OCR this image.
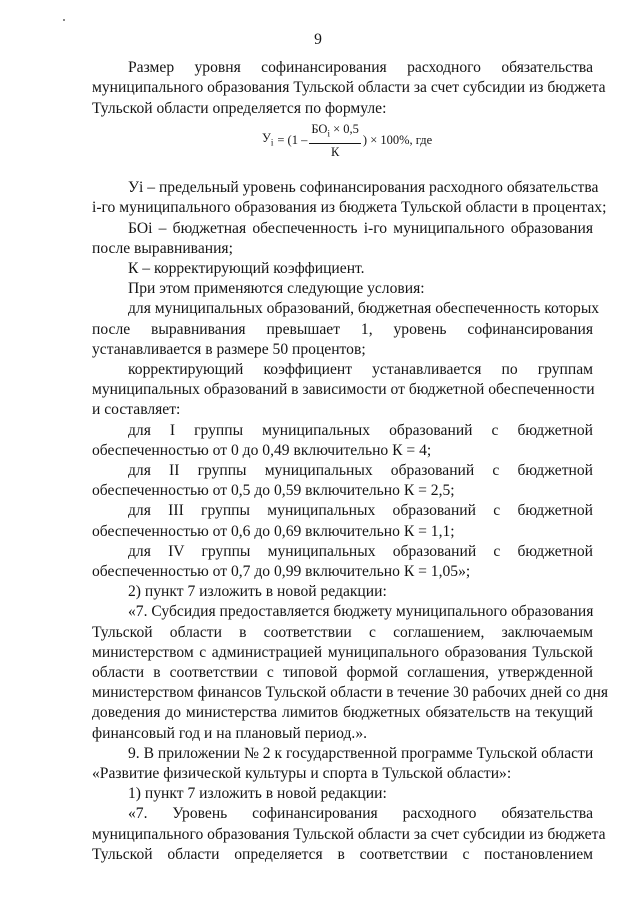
9
Размер уровня софинансирования расходного обязательства
муниципального образования Тульской области за счет субсидии из бюджета
Тульской области определяется по формуле:
$У_i = (1 - \frac{БО_i \times 0,5}{К}$ ) × 100%, где
Уi – предельный уровень софинансирования расходного обязательства
i-го муниципального образования из бюджета Тульской области в процентах;
БОi – бюджетная обеспеченность i-го муниципального образования
после выравнивания;
К – корректирующий коэффициент.
При этом применяются следующие условия:
для муниципальных образований, бюджетная обеспеченность которых
после выравнивания превышает 1, уровень софинансирования
устанавливается в размере 50 процентов;
корректирующий коэффициент устанавливается по группам
муниципальных образований в зависимости от бюджетной обеспеченности
и составляет:
для I группы муниципальных образований с бюджетной
обеспеченностью от 0 до 0,49 включительно К = 4;
для II группы муниципальных образований с бюджетной
обеспеченностью от 0,5 до 0,59 включительно К = 2,5;
для III группы муниципальных образований с бюджетной
обеспеченностью от 0,6 до 0,69 включительно К = 1,1;
для IV группы муниципальных образований с бюджетной
обеспеченностью от 0,7 до 0,99 включительно К = 1,05»;
2) пункт 7 изложить в новой редакции:
«7. Субсидия предоставляется бюджету муниципального образования
Тульской области в соответствии с соглашением, заключаемым
министерством с администрацией муниципального образования Тульской
области в соответствии с типовой формой соглашения, утвержденной
министерством финансов Тульской области в течение 30 рабочих дней со дня
доведения до министерства лимитов бюджетных обязательств на текущий
финансовый год и на плановый период.».
9. В приложении № 2 к государственной программе Тульской области
«Развитие физической культуры и спорта в Тульской области»:
1) пункт 7 изложить в новой редакции:
«7. Уровень софинансирования расходного обязательства
муниципального образования Тульской области за счет субсидии из бюджета
Тульской области определяется в соответствии с постановлением
